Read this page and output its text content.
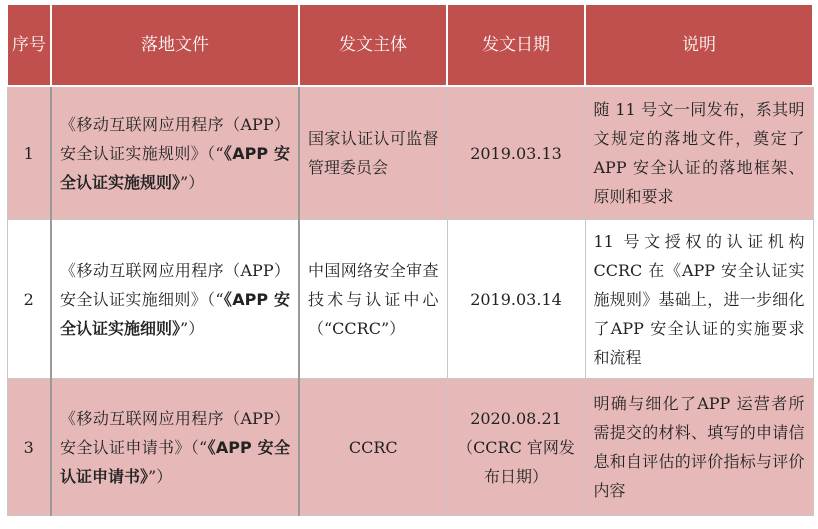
序号	落地文件	发文主体	发文日期	说明
1	《移动互联网应用程序（APP）安全认证实施规则》（“《APP 安全认证实施规则》”）	国家认证认可监督管理委员会	2019.03.13	随 11 号文一同发布，系其明文规定的落地文件，奠定了APP 安全认证的落地框架、原则和要求
2	《移动互联网应用程序（APP）安全认证实施细则》（“《APP 安全认证实施细则》”）	中国网络安全审查技术与认证中心（“CCRC”）	2019.03.14	11 号文授权的认证机构 CCRC 在《APP 安全认证实施规则》基础上，进一步细化了APP 安全认证的实施要求和流程
3	《移动互联网应用程序（APP）安全认证申请书》（“《APP 安全认证申请书》”）	CCRC	2020.08.21（CCRC 官网发布日期）	明确与细化了APP 运营者所需提交的材料、填写的申请信息和自评估的评价指标与评价内容
